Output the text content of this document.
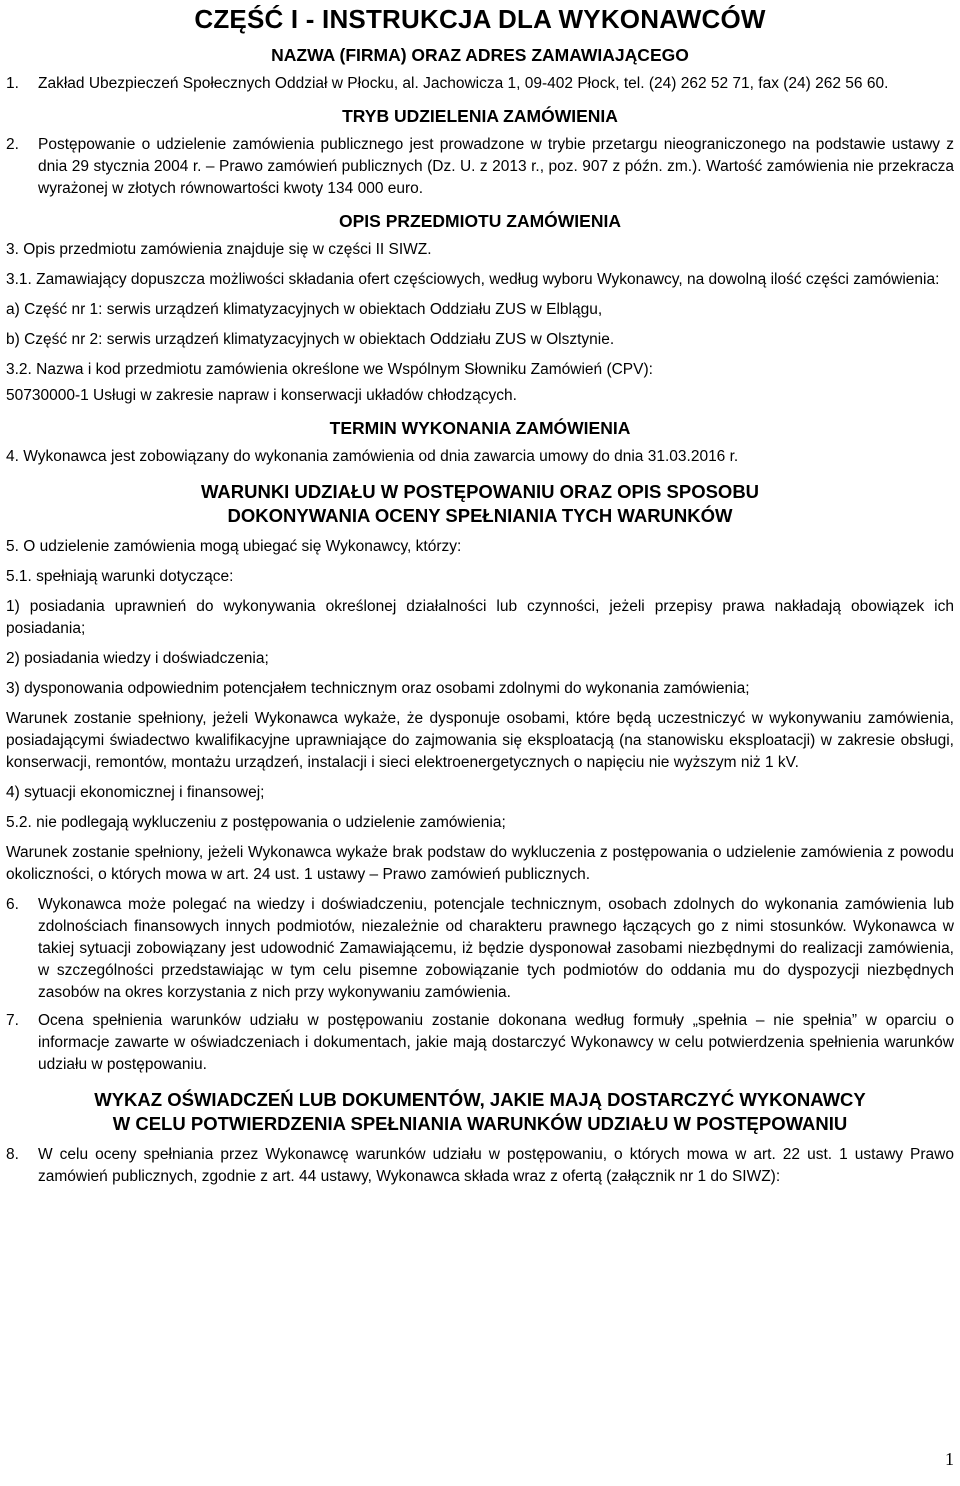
CZĘŚĆ I - INSTRUKCJA DLA WYKONAWCÓW
NAZWA (FIRMA) ORAZ ADRES ZAMAWIAJĄCEGO
1.	Zakład Ubezpieczeń Społecznych Oddział w Płocku, al. Jachowicza 1, 09-402 Płock, tel. (24) 262 52 71, fax (24) 262 56 60.
TRYB UDZIELENIA ZAMÓWIENIA
2.	Postępowanie o udzielenie zamówienia publicznego jest prowadzone w trybie przetargu nieograniczonego na podstawie ustawy z dnia 29 stycznia 2004 r. – Prawo zamówień publicznych (Dz. U. z 2013 r., poz. 907 z późn. zm.). Wartość zamówienia nie przekracza wyrażonej w złotych równowartości kwoty 134 000 euro.
OPIS PRZEDMIOTU ZAMÓWIENIA

3. Opis przedmiotu zamówienia znajduje się w części II SIWZ.

3.1. Zamawiający dopuszcza możliwości składania ofert częściowych, według wyboru Wykonawcy, na dowolną ilość części zamówienia:

a) Część nr 1: serwis urządzeń klimatyzacyjnych w obiektach Oddziału ZUS w Elblągu,

b) Część nr 2: serwis urządzeń klimatyzacyjnych w obiektach Oddziału ZUS w Olsztynie.

3.2. Nazwa i kod przedmiotu zamówienia określone we Wspólnym Słowniku Zamówień (CPV):

50730000-1 Usługi w zakresie napraw i konserwacji układów chłodzących.

TERMIN WYKONANIA ZAMÓWIENIA

4. Wykonawca jest zobowiązany do wykonania zamówienia od dnia zawarcia umowy do dnia 31.03.2016 r.

WARUNKI UDZIAŁU W POSTĘPOWANIU ORAZ OPIS SPOSOBU
DOKONYWANIA OCENY SPEŁNIANIA TYCH WARUNKÓW

5. O udzielenie zamówienia mogą ubiegać się Wykonawcy, którzy:

5.1. spełniają warunki dotyczące:

1) posiadania uprawnień do wykonywania określonej działalności lub czynności, jeżeli przepisy prawa nakładają obowiązek ich posiadania;

2) posiadania wiedzy i doświadczenia;

3) dysponowania odpowiednim potencjałem technicznym oraz osobami zdolnymi do wykonania zamówienia;

Warunek zostanie spełniony, jeżeli Wykonawca wykaże, że dysponuje osobami, które będą uczestniczyć w wykonywaniu zamówienia, posiadającymi świadectwo kwalifikacyjne uprawniające do zajmowania się eksploatacją (na stanowisku eksploatacji) w zakresie obsługi, konserwacji, remontów, montażu urządzeń, instalacji i sieci elektroenergetycznych o napięciu nie wyższym niż 1 kV.

4) sytuacji ekonomicznej i finansowej;

5.2. nie podlegają wykluczeniu z postępowania o udzielenie zamówienia;

Warunek zostanie spełniony, jeżeli Wykonawca wykaże brak podstaw do wykluczenia z postępowania o udzielenie zamówienia z powodu okoliczności, o których mowa w art. 24 ust. 1 ustawy – Prawo zamówień publicznych.

6.	Wykonawca może polegać na wiedzy i doświadczeniu, potencjale technicznym, osobach zdolnych do wykonania zamówienia lub zdolnościach finansowych innych podmiotów, niezależnie od charakteru prawnego łączących go z nimi stosunków. Wykonawca w takiej sytuacji zobowiązany jest udowodnić Zamawiającemu, iż będzie dysponował zasobami niezbędnymi do realizacji zamówienia, w szczególności przedstawiając w tym celu pisemne zobowiązanie tych podmiotów do oddania mu do dyspozycji niezbędnych zasobów na okres korzystania z nich przy wykonywaniu zamówienia.
7.	Ocena spełnienia warunków udziału w postępowaniu zostanie dokonana według formuły „spełnia – nie spełnia” w oparciu o informacje zawarte w oświadczeniach i dokumentach, jakie mają dostarczyć Wykonawcy w celu potwierdzenia spełnienia warunków udziału w postępowaniu.
WYKAZ OŚWIADCZEŃ LUB DOKUMENTÓW, JAKIE MAJĄ DOSTARCZYĆ WYKONAWCY
W CELU POTWIERDZENIA SPEŁNIANIA WARUNKÓW UDZIAŁU W POSTĘPOWANIU
8.	W celu oceny spełniania przez Wykonawcę warunków udziału w postępowaniu, o których mowa w art. 22 ust. 1 ustawy Prawo zamówień publicznych, zgodnie z art. 44 ustawy, Wykonawca składa wraz z ofertą (załącznik nr 1 do SIWZ):
1
